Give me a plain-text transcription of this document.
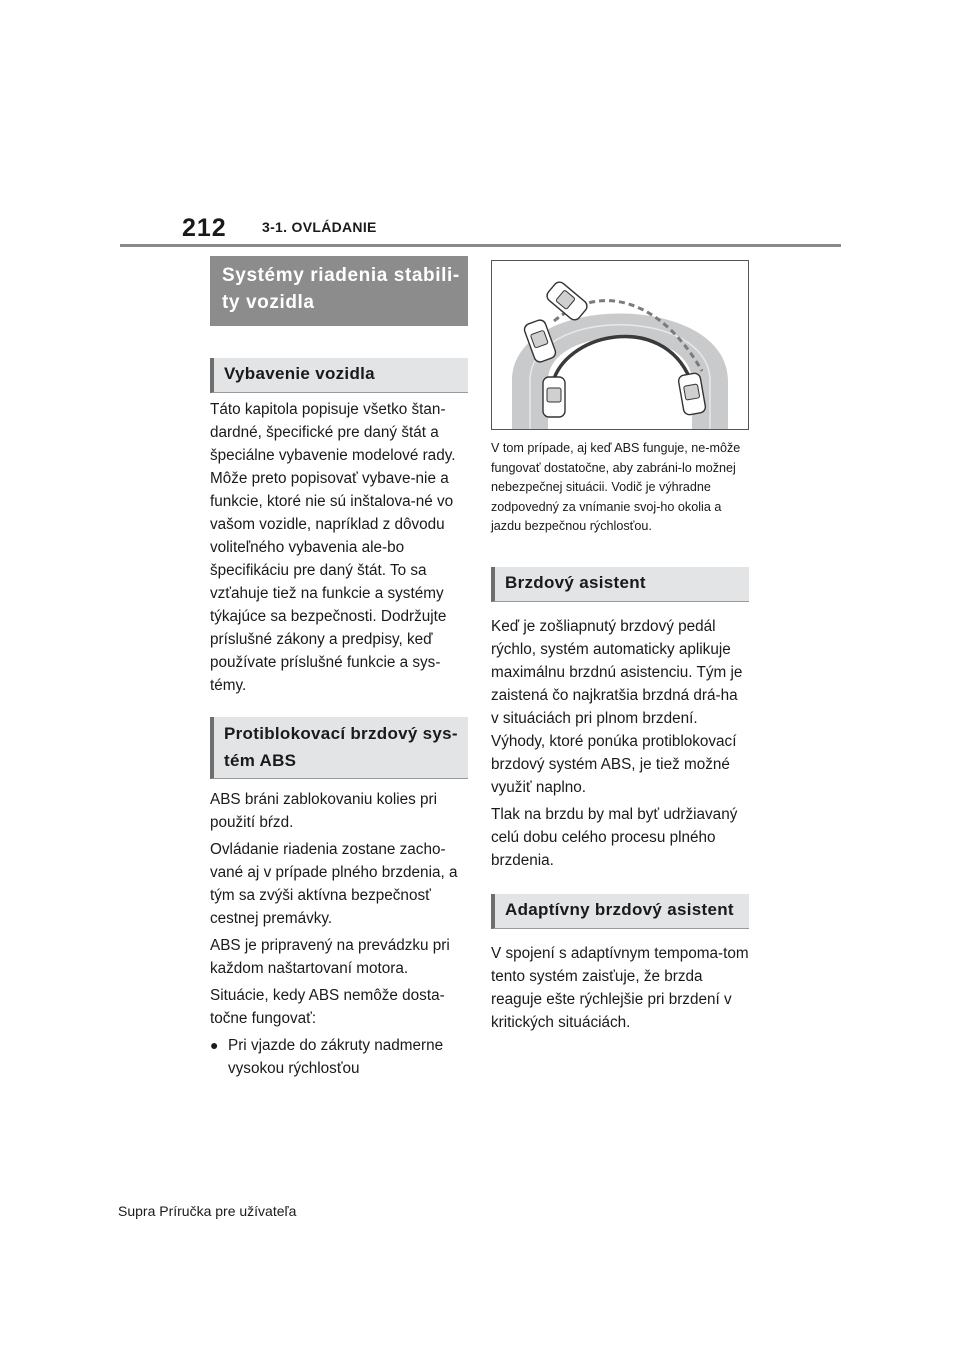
212	3-1. OVLÁDANIE
Systémy riadenia stabili-ty vozidla
Vybavenie vozidla

Táto kapitola popisuje všetko štan-dardné, špecifické pre daný štát a špeciálne vybavenie modelové rady. Môže preto popisovať vybave-nie a funkcie, ktoré nie sú inštalova-né vo vašom vozidle, napríklad z dôvodu voliteľného vybavenia ale-bo špecifikáciu pre daný štát. To sa vzťahuje tiež na funkcie a systémy týkajúce sa bezpečnosti. Dodržujte príslušné zákony a predpisy, keď používate príslušné funkcie a sys-témy.

Protiblokovací brzdový sys-tém ABS

ABS bráni zablokovaniu kolies pri použití bŕzd.

Ovládanie riadenia zostane zacho-vané aj v prípade plného brzdenia, a tým sa zvýši aktívna bezpečnosť cestnej premávky.

ABS je pripravený na prevádzku pri každom naštartovaní motora.

Situácie, kedy ABS nemôže dosta-točne fungovať:

● Pri vjazde do zákruty nadmerne vysokou rýchlosťou

V tom prípade, aj keď ABS funguje, ne-môže fungovať dostatočne, aby zabráni-lo možnej nebezpečnej situácii. Vodič je výhradne zodpovedný za vnímanie svoj-ho okolia a jazdu bezpečnou rýchlosťou.

Brzdový asistent

Keď je zošliapnutý brzdový pedál rýchlo, systém automaticky aplikuje maximálnu brzdnú asistenciu. Tým je zaistená čo najkratšia brzdná drá-ha v situáciách pri plnom brzdení. Výhody, ktoré ponúka protiblokovací brzdový systém ABS, je tiež možné využiť naplno.

Tlak na brzdu by mal byť udržiavaný celú dobu celého procesu plného brzdenia.

Adaptívny brzdový asistent

V spojení s adaptívnym tempoma-tom tento systém zaisťuje, že brzda reaguje ešte rýchlejšie pri brzdení v kritických situáciách.

Supra Príručka pre užívateľa
